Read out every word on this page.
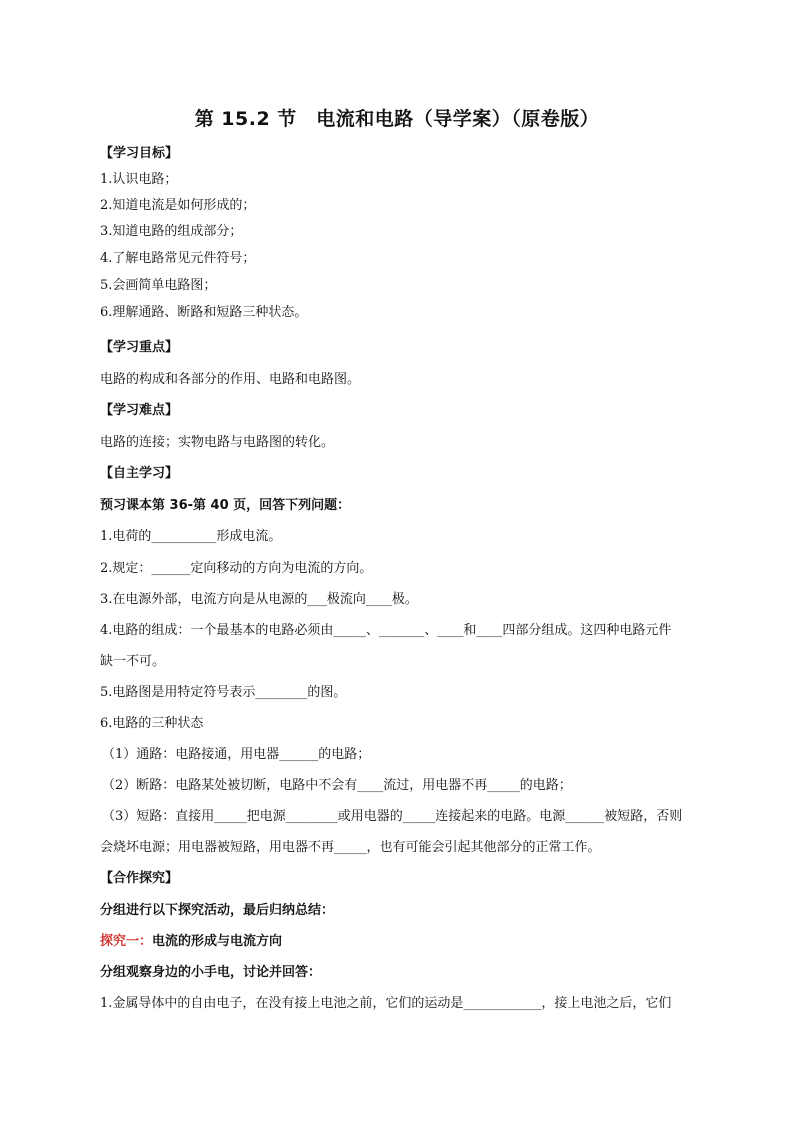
第 15.2 节　电流和电路（导学案）（原卷版）
【学习目标】
1.认识电路；
2.知道电流是如何形成的；
3.知道电路的组成部分；
4.了解电路常见元件符号；
5.会画简单电路图；
6.理解通路、断路和短路三种状态。
【学习重点】
电路的构成和各部分的作用、电路和电路图。
【学习难点】
电路的连接；实物电路与电路图的转化。
【自主学习】
预习课本第 36-第 40 页，回答下列问题：
1.电荷的__________形成电流。
2.规定：______定向移动的方向为电流的方向。
3.在电源外部，电流方向是从电源的___极流向____极。
4.电路的组成：一个最基本的电路必须由_____、_______、____和____四部分组成。这四种电路元件
缺一不可。
5.电路图是用特定符号表示________的图。
6.电路的三种状态
（1）通路：电路接通，用电器______的电路；
（2）断路：电路某处被切断，电路中不会有____流过，用电器不再_____的电路；
（3）短路：直接用_____把电源________或用电器的_____连接起来的电路。电源______被短路，否则
会烧坏电源；用电器被短路，用电器不再_____，也有可能会引起其他部分的正常工作。
【合作探究】
分组进行以下探究活动，最后归纳总结：
探究一：电流的形成与电流方向
分组观察身边的小手电，讨论并回答：
1.金属导体中的自由电子，在没有接上电池之前，它们的运动是____________，接上电池之后，它们
